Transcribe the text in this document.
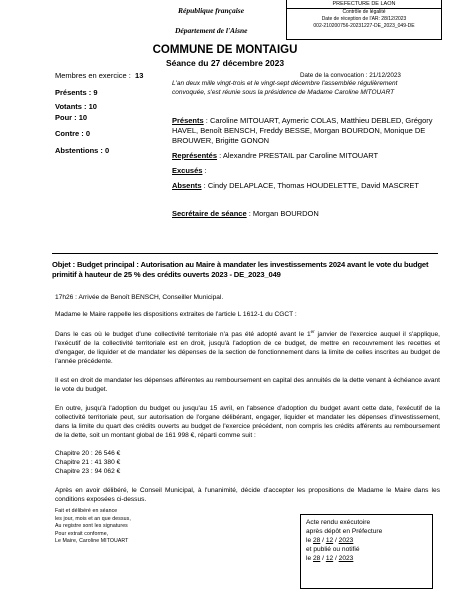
PREFECTURE DE LAON
Contrôle de légalité
Date de réception de l'AR: 28/12/2023
002-210200756-20231227-DE_2023_049-DE
République française
Département de l'Aisne
COMMUNE DE MONTAIGU
Séance du 27 décembre 2023
Membres en exercice : 13
Présents : 9
Votants : 10
Pour : 10
Contre : 0
Abstentions : 0
Date de la convocation : 21/12/2023
L'an deux mille vingt-trois et le vingt-sept décembre l'assemblée régulièrement convoquée, s'est réunie sous la présidence de Madame Caroline MITOUART
Présents : Caroline MITOUART, Aymeric COLAS, Matthieu DEBLED, Grégory HAVEL, Benoît BENSCH, Freddy BESSE, Morgan BOURDON, Monique DE BROUWER, Brigitte GONON
Représentés : Alexandre PRESTAIL par Caroline MITOUART
Excusés :
Absents : Cindy DELAPLACE, Thomas HOUDELETTE, David MASCRET
Secrétaire de séance : Morgan BOURDON
Objet : Budget principal : Autorisation au Maire à mandater les investissements 2024 avant le vote du budget primitif à hauteur de 25 % des crédits ouverts 2023 - DE_2023_049

17h26 : Arrivée de Benoît BENSCH, Conseiller Municipal.

Madame le Maire rappelle les dispositions extraites de l'article L 1612-1 du CGCT :

Dans le cas où le budget d'une collectivité territoriale n'a pas été adopté avant le 1er janvier de l'exercice auquel il s'applique, l'exécutif de la collectivité territoriale est en droit, jusqu'à l'adoption de ce budget, de mettre en recouvrement les recettes et d'engager, de liquider et de mandater les dépenses de la section de fonctionnement dans la limite de celles inscrites au budget de l'année précédente.

Il est en droit de mandater les dépenses afférentes au remboursement en capital des annuités de la dette venant à échéance avant le vote du budget.

En outre, jusqu'à l'adoption du budget ou jusqu'au 15 avril, en l'absence d'adoption du budget avant cette date, l'exécutif de la collectivité territoriale peut, sur autorisation de l'organe délibérant, engager, liquider et mandater les dépenses d'investissement, dans la limite du quart des crédits ouverts au budget de l'exercice précédent, non compris les crédits afférents au remboursement de la dette, soit un montant global de 161 998 €, réparti comme suit :

Chapitre 20 : 26 546 €

Chapitre 21 : 41 380 €

Chapitre 23 : 94 062 €

Après en avoir délibéré, le Conseil Municipal, à l'unanimité, décide d'accepter les propositions de Madame le Maire dans les conditions exposées ci-dessus.
Fait et délibéré en séance
les jour, mois et an que dessus,
Au registre sont les signatures
Pour extrait conforme,
Le Maire, Caroline MITOUART
Acte rendu exécutoire
après dépôt en Préfecture
le 28 / 12 / 2023
et publié ou notifié
le 28 / 12 / 2023
